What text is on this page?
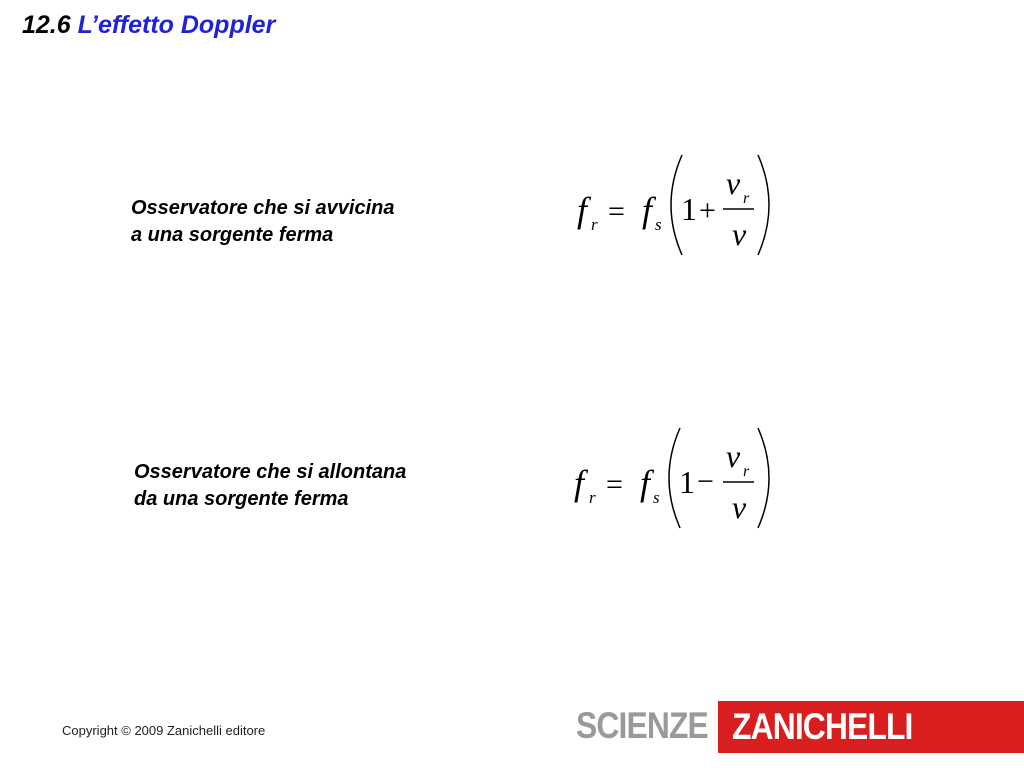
12.6 L’effetto Doppler
Osservatore che si avvicina
a una sorgente ferma
f r = f s 1 +
v r
v
Osservatore che si allontana
da una sorgente ferma	f r = f s 1 −
v r
v
Copyright © 2009 Zanichelli editore	SCIENZE ZANICHELLI
